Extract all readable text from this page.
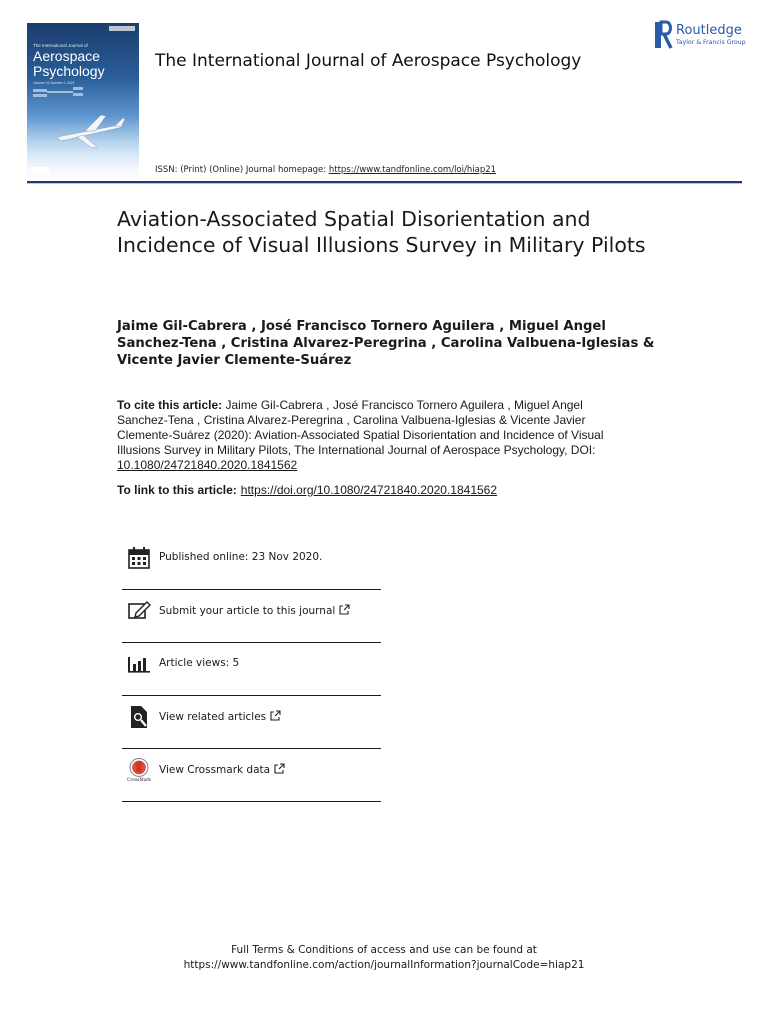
The International Journal of
Aerospace
Psychology
Volume 31 Number 1 2021
The International Journal of Aerospace Psychology
ISSN: (Print) (Online) Journal homepage: https://www.tandfonline.com/loi/hiap21
Routledge
Taylor & Francis Group
Aviation-Associated Spatial Disorientation and Incidence of Visual Illusions Survey in Military Pilots
Jaime Gil-Cabrera , José Francisco Tornero Aguilera , Miguel Angel Sanchez-Tena , Cristina Alvarez-Peregrina , Carolina Valbuena-Iglesias & Vicente Javier Clemente-Suárez
To cite this article: Jaime Gil-Cabrera , José Francisco Tornero Aguilera , Miguel Angel Sanchez-Tena , Cristina Alvarez-Peregrina , Carolina Valbuena-Iglesias & Vicente Javier Clemente-Suárez (2020): Aviation-Associated Spatial Disorientation and Incidence of Visual Illusions Survey in Military Pilots, The International Journal of Aerospace Psychology, DOI: 10.1080/24721840.2020.1841562
To link to this article: https://doi.org/10.1080/24721840.2020.1841562
Published online: 23 Nov 2020.
Submit your article to this journal
Article views: 5
View related articles
CrossMark
View Crossmark data
Full Terms & Conditions of access and use can be found at
https://www.tandfonline.com/action/journalInformation?journalCode=hiap21
